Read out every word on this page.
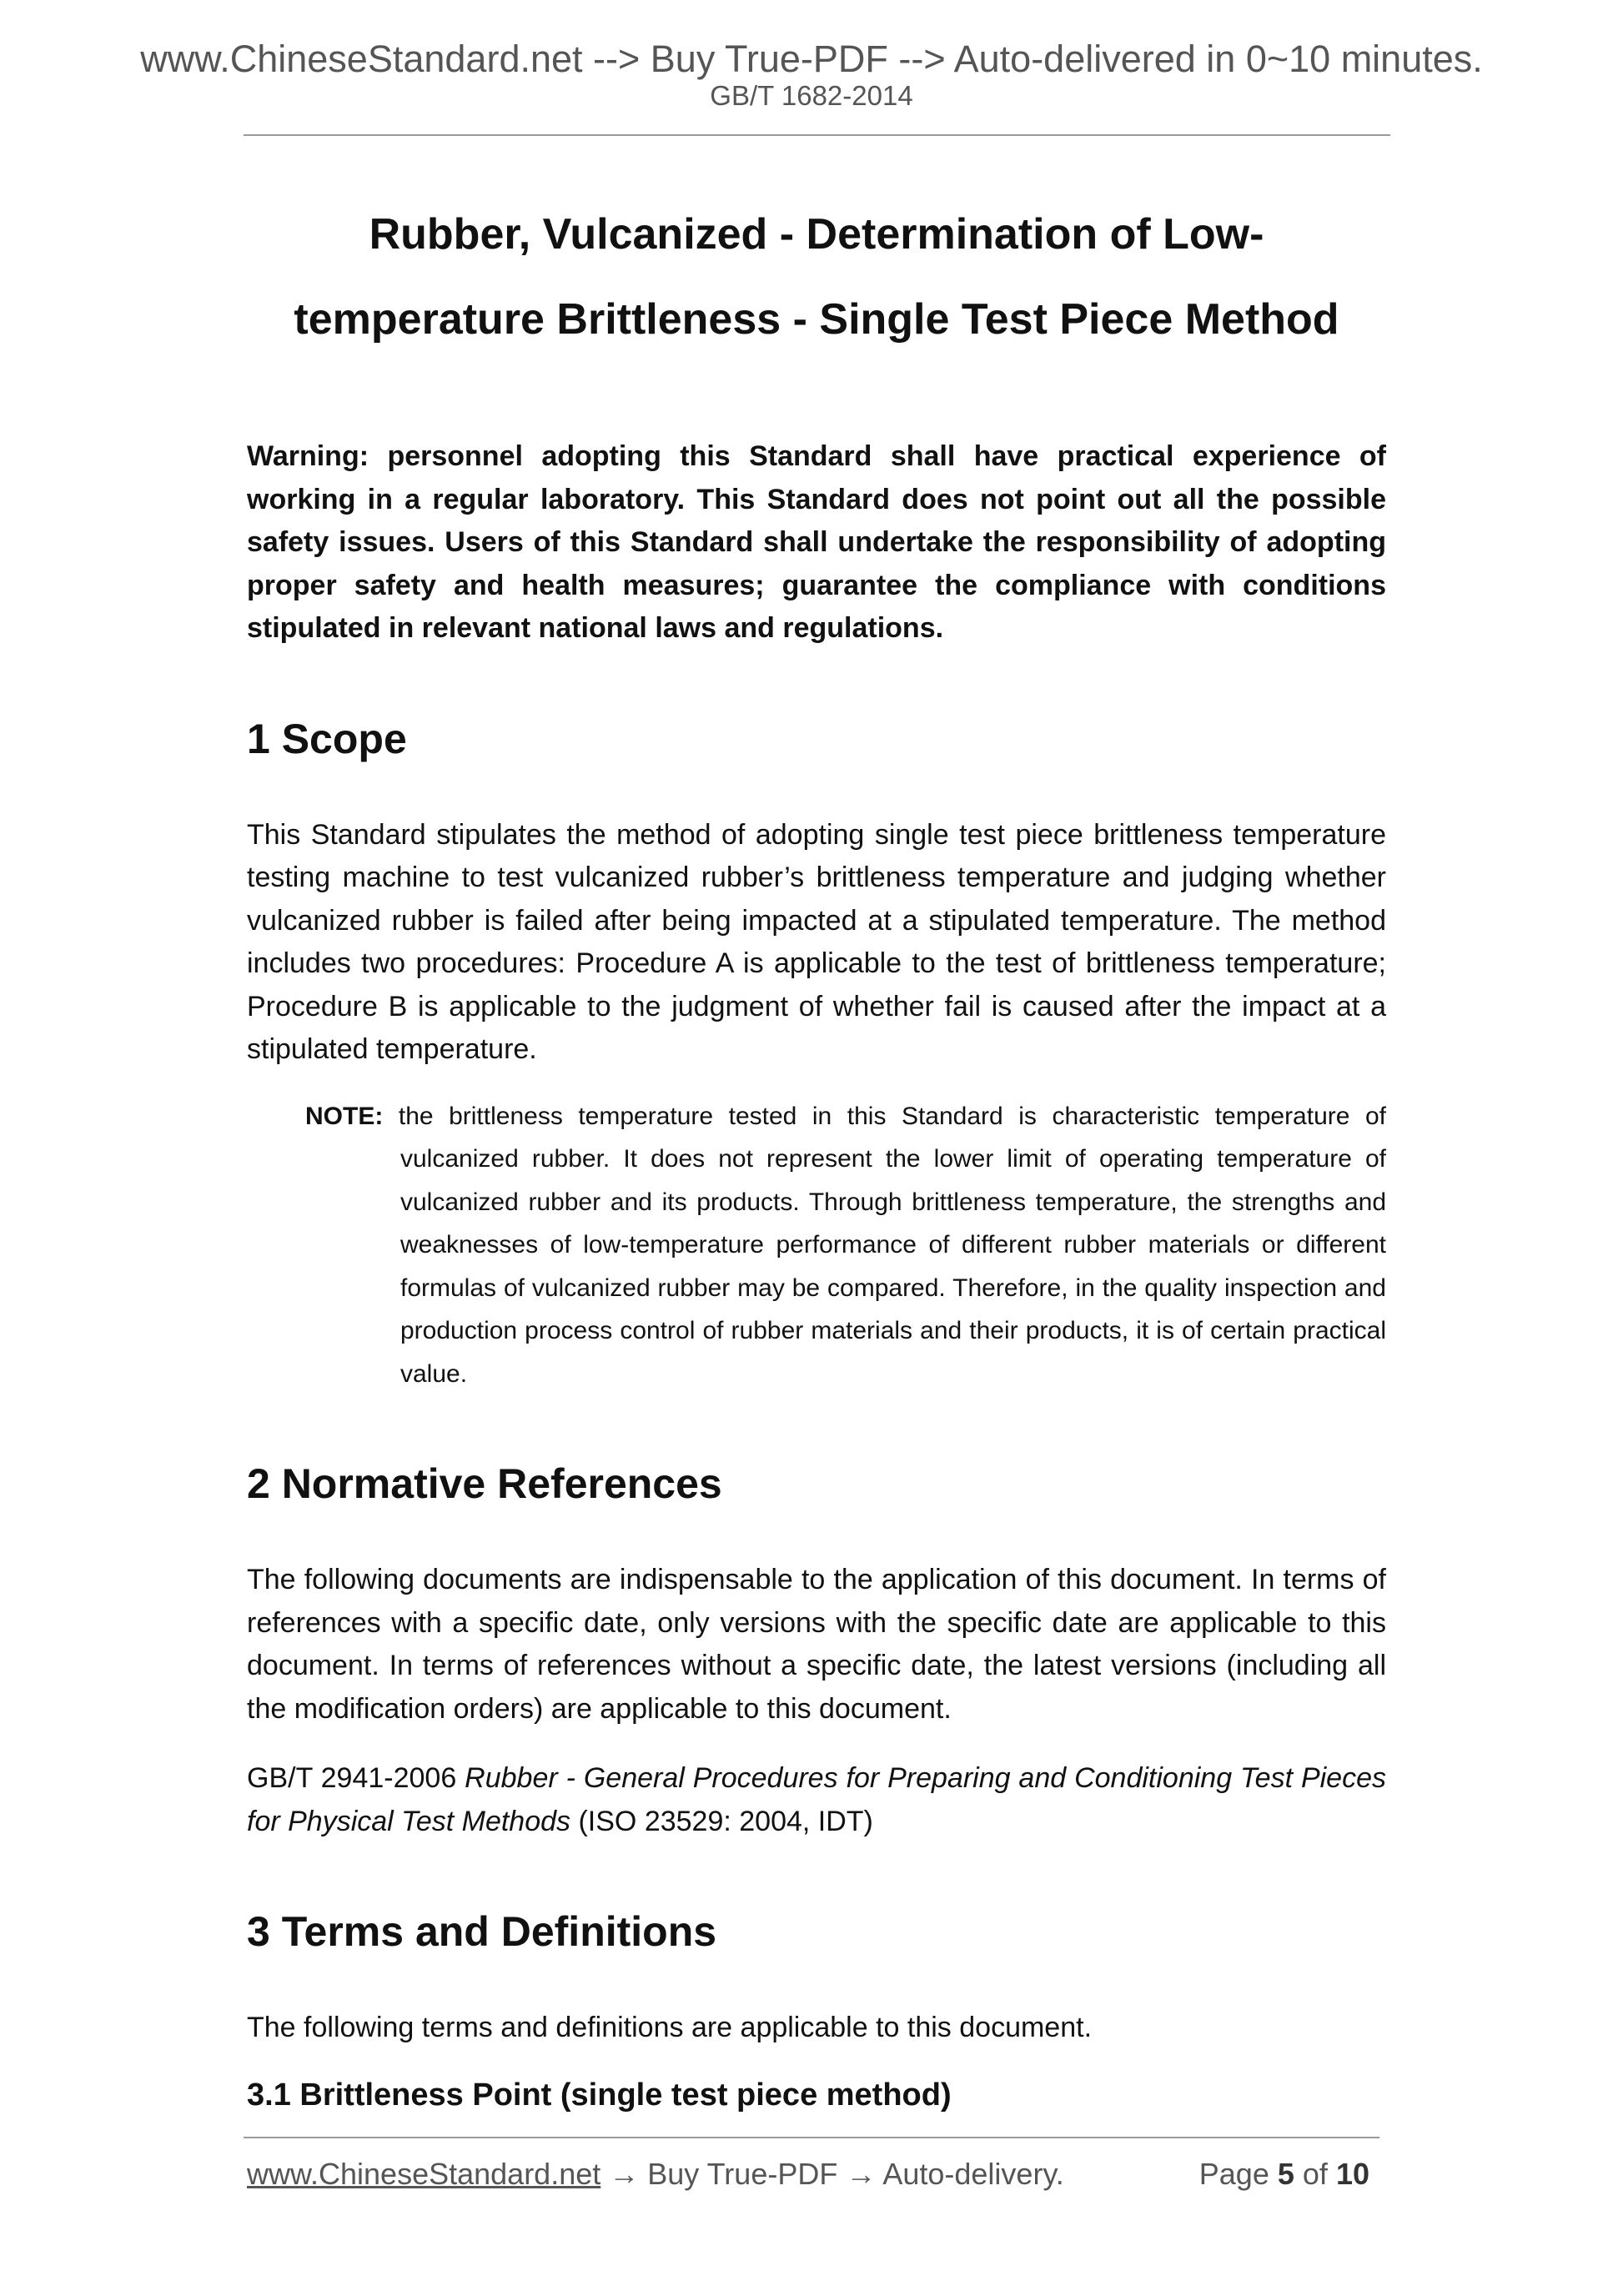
www.ChineseStandard.net --> Buy True-PDF --> Auto-delivered in 0~10 minutes.
GB/T 1682-2014
Rubber, Vulcanized - Determination of Low-
temperature Brittleness - Single Test Piece Method

Warning: personnel adopting this Standard shall have practical experience of working in a regular laboratory. This Standard does not point out all the possible safety issues. Users of this Standard shall undertake the responsibility of adopting proper safety and health measures; guarantee the compliance with conditions stipulated in relevant national laws and regulations.

1 Scope

This Standard stipulates the method of adopting single test piece brittleness temperature testing machine to test vulcanized rubber’s brittleness temperature and judging whether vulcanized rubber is failed after being impacted at a stipulated temperature. The method includes two procedures: Procedure A is applicable to the test of brittleness temperature; Procedure B is applicable to the judgment of whether fail is caused after the impact at a stipulated temperature.

NOTE: the brittleness temperature tested in this Standard is characteristic temperature of vulcanized rubber. It does not represent the lower limit of operating temperature of vulcanized rubber and its products. Through brittleness temperature, the strengths and weaknesses of low-temperature performance of different rubber materials or different formulas of vulcanized rubber may be compared. Therefore, in the quality inspection and production process control of rubber materials and their products, it is of certain practical value.
2 Normative References

The following documents are indispensable to the application of this document. In terms of references with a specific date, only versions with the specific date are applicable to this document. In terms of references without a specific date, the latest versions (including all the modification orders) are applicable to this document.

GB/T 2941-2006 Rubber - General Procedures for Preparing and Conditioning Test Pieces for Physical Test Methods (ISO 23529: 2004, IDT)

3 Terms and Definitions

The following terms and definitions are applicable to this document.

3.1 Brittleness Point (single test piece method)
www.ChineseStandard.net → Buy True-PDF → Auto-delivery.	Page 5 of 10
